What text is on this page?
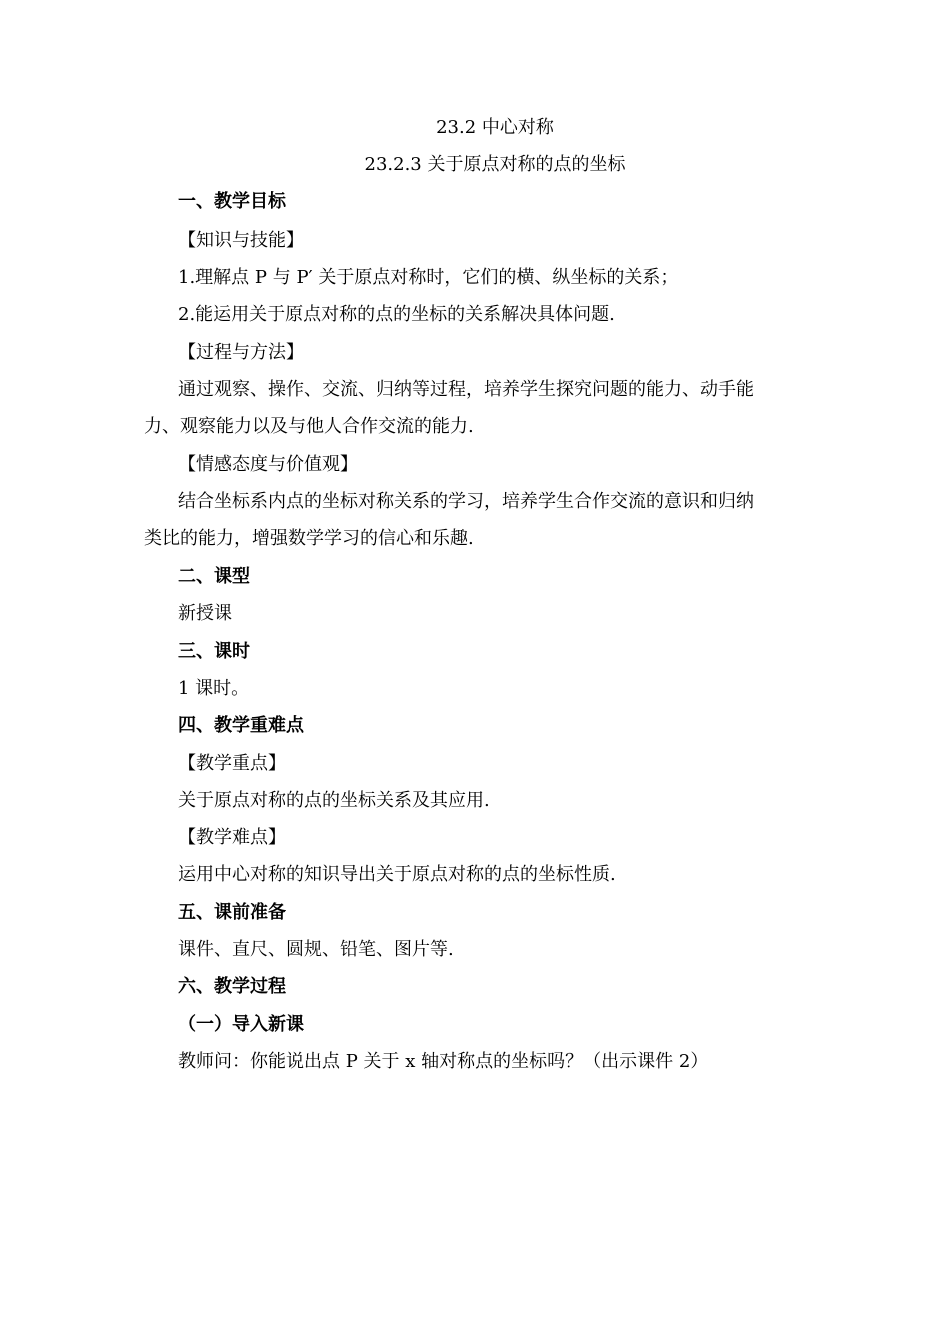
23.2 中心对称
23.2.3 关于原点对称的点的坐标
一、教学目标
【知识与技能】
1.理解点 P 与 P′ 关于原点对称时，它们的横、纵坐标的关系；
2.能运用关于原点对称的点的坐标的关系解决具体问题.
【过程与方法】
通过观察、操作、交流、归纳等过程，培养学生探究问题的能力、动手能
力、观察能力以及与他人合作交流的能力.
【情感态度与价值观】
结合坐标系内点的坐标对称关系的学习，培养学生合作交流的意识和归纳
类比的能力，增强数学学习的信心和乐趣.
二、课型
新授课
三、课时
1 课时。
四、教学重难点
【教学重点】
关于原点对称的点的坐标关系及其应用.
【教学难点】
运用中心对称的知识导出关于原点对称的点的坐标性质.
五、课前准备
课件、直尺、圆规、铅笔、图片等.
六、教学过程
（一）导入新课
教师问：你能说出点 P 关于 x 轴对称点的坐标吗？（出示课件 2）
